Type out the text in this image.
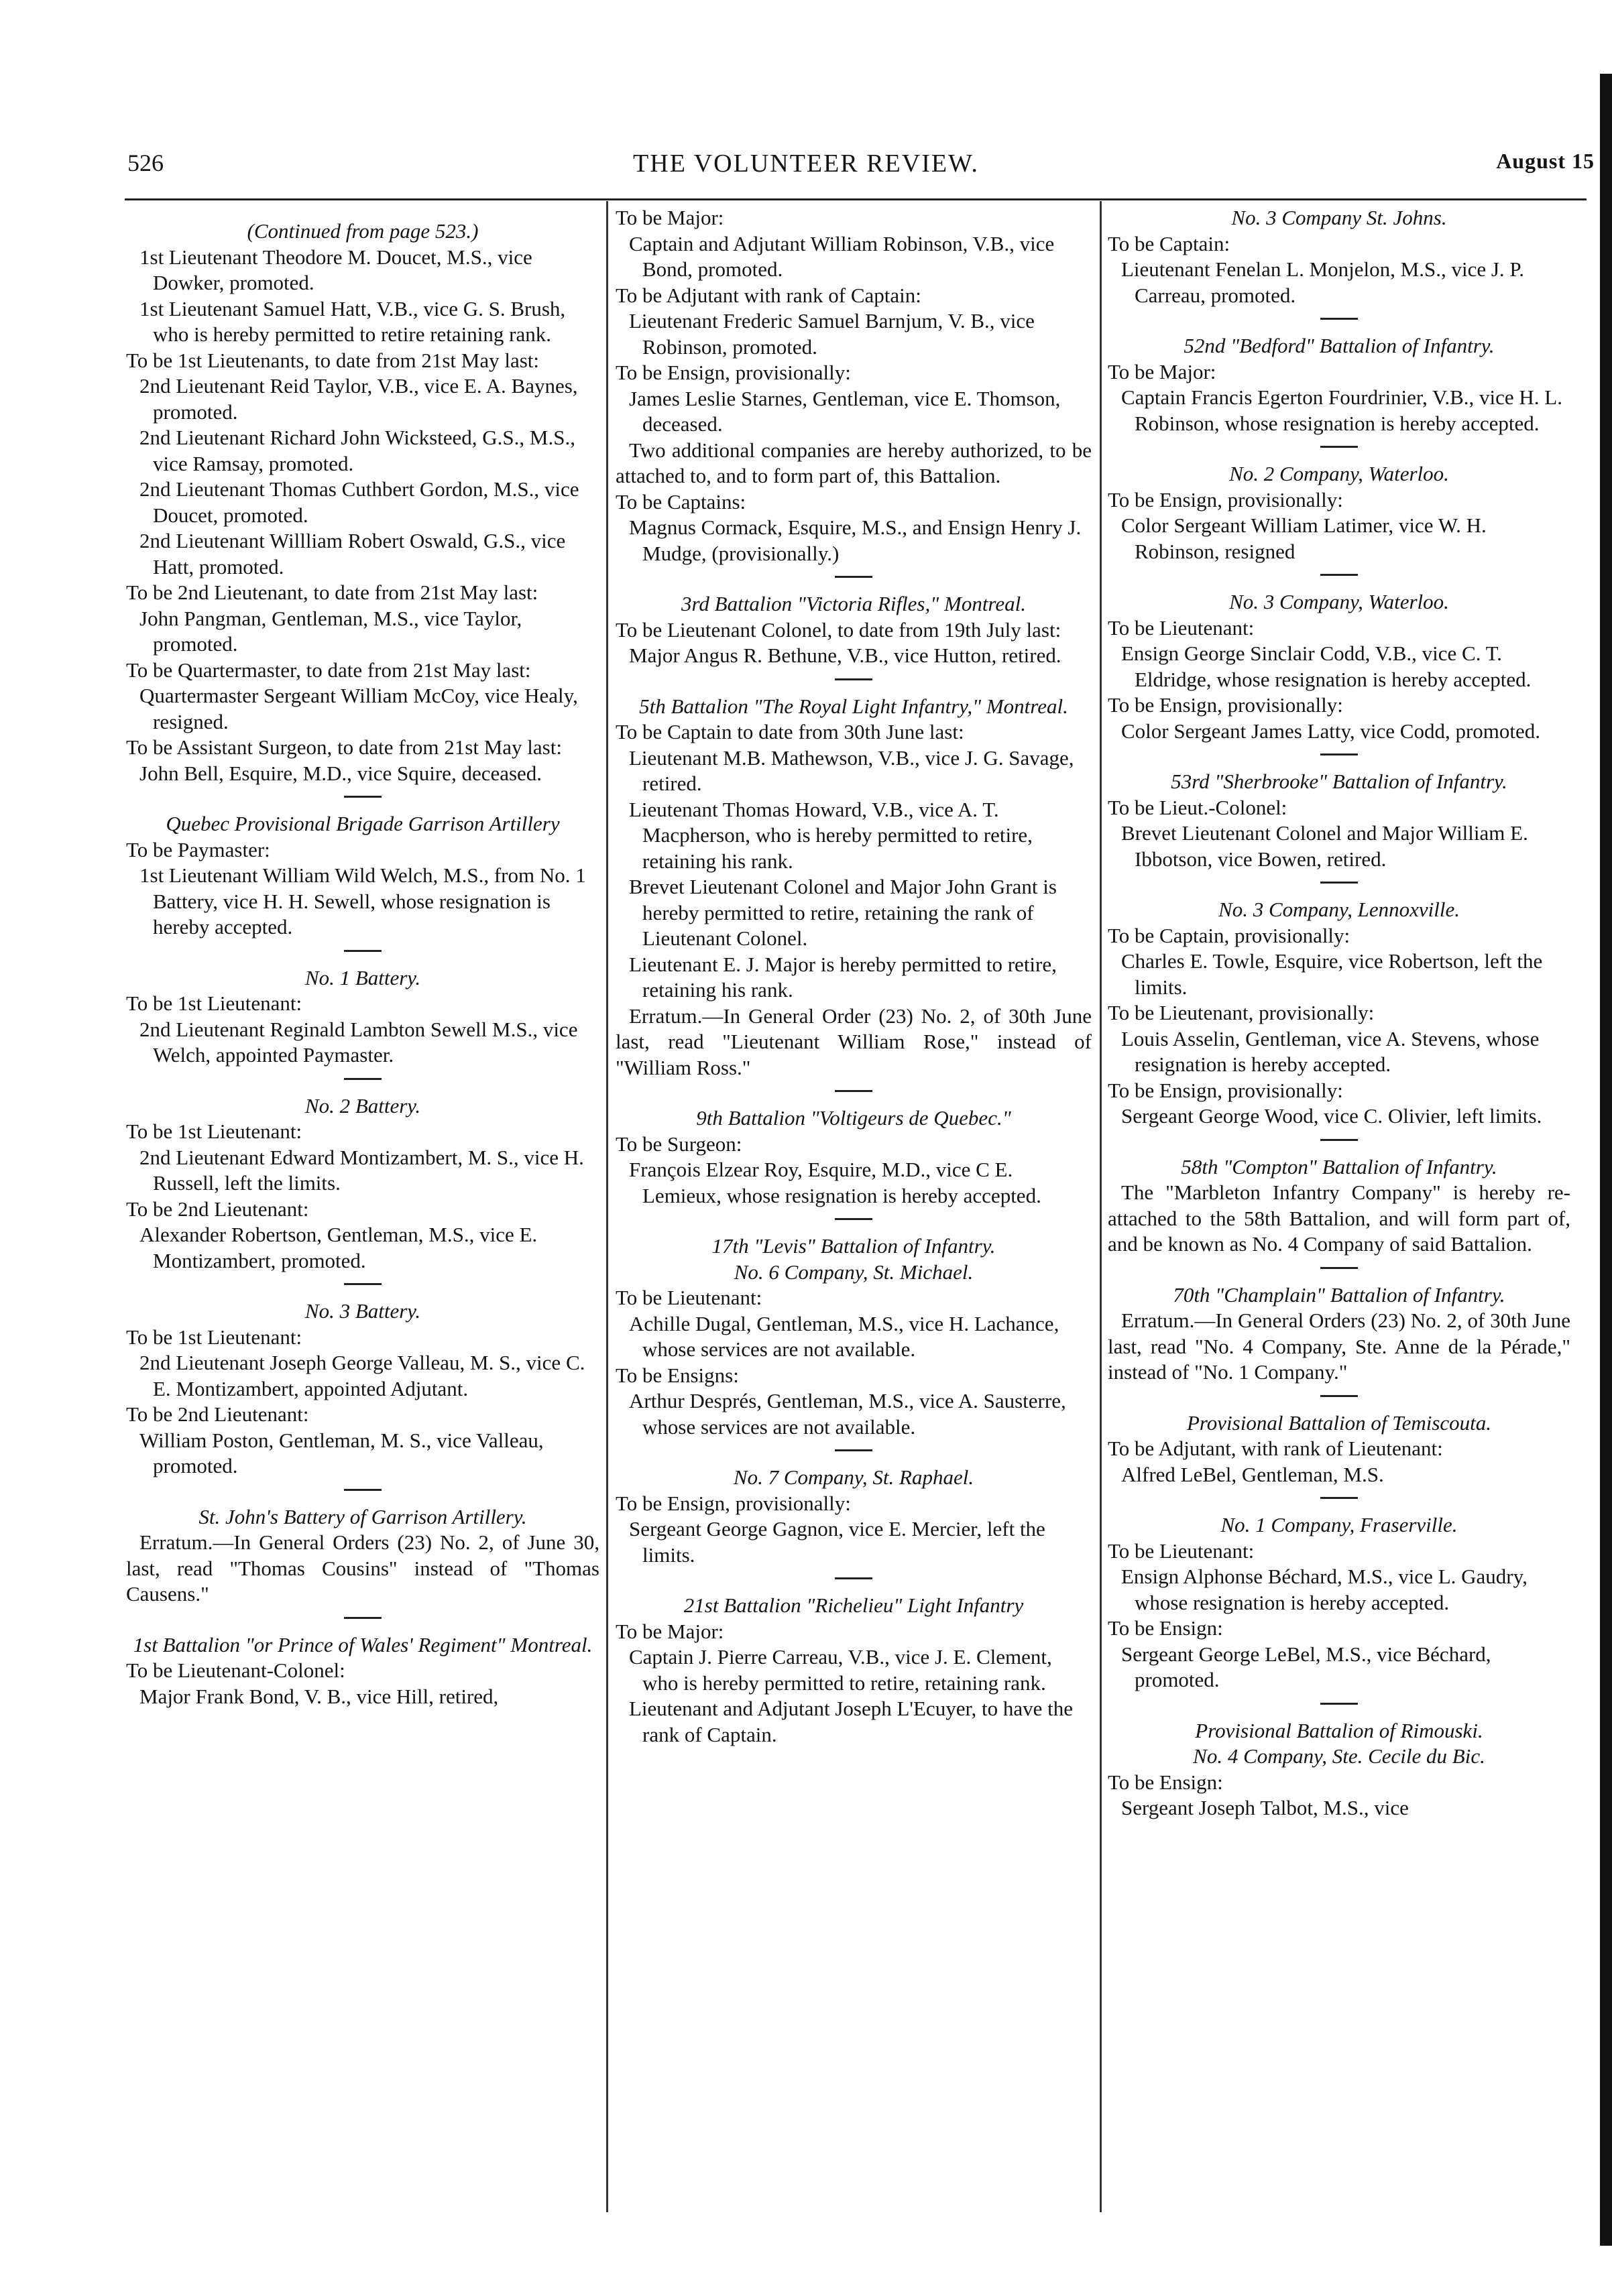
526	THE VOLUNTEER REVIEW.	August 15

(Continued from page 523.)

1st Lieutenant Theodore M. Doucet, M.S., vice Dowker, promoted.

1st Lieutenant Samuel Hatt, V.B., vice G. S. Brush, who is hereby permitted to retire retaining rank.

To be 1st Lieutenants, to date from 21st May last:

2nd Lieutenant Reid Taylor, V.B., vice E. A. Baynes, promoted.

2nd Lieutenant Richard John Wicksteed, G.S., M.S., vice Ramsay, promoted.

2nd Lieutenant Thomas Cuthbert Gordon, M.S., vice Doucet, promoted.

2nd Lieutenant Willliam Robert Oswald, G.S., vice Hatt, promoted.

To be 2nd Lieutenant, to date from 21st May last:

John Pangman, Gentleman, M.S., vice Taylor, promoted.

To be Quartermaster, to date from 21st May last:

Quartermaster Sergeant William McCoy, vice Healy, resigned.

To be Assistant Surgeon, to date from 21st May last:

John Bell, Esquire, M.D., vice Squire, deceased.

Quebec Provisional Brigade Garrison Artillery

To be Paymaster:

1st Lieutenant William Wild Welch, M.S., from No. 1 Battery, vice H. H. Sewell, whose resignation is hereby accepted.

No. 1 Battery.

To be 1st Lieutenant:

2nd Lieutenant Reginald Lambton Sewell M.S., vice Welch, appointed Paymaster.

No. 2 Battery.

To be 1st Lieutenant:

2nd Lieutenant Edward Montizambert, M. S., vice H. Russell, left the limits.

To be 2nd Lieutenant:

Alexander Robertson, Gentleman, M.S., vice E. Montizambert, promoted.

No. 3 Battery.

To be 1st Lieutenant:

2nd Lieutenant Joseph George Valleau, M. S., vice C. E. Montizambert, appointed Adjutant.

To be 2nd Lieutenant:

William Poston, Gentleman, M. S., vice Valleau, promoted.

St. John's Battery of Garrison Artillery.

Erratum.—In General Orders (23) No. 2, of June 30, last, read "Thomas Cousins" instead of "Thomas Causens."

1st Battalion "or Prince of Wales' Regiment" Montreal.

To be Lieutenant-Colonel:

Major Frank Bond, V. B., vice Hill, retired,

To be Major:

Captain and Adjutant William Robinson, V.B., vice Bond, promoted.

To be Adjutant with rank of Captain:

Lieutenant Frederic Samuel Barnjum, V. B., vice Robinson, promoted.

To be Ensign, provisionally:

James Leslie Starnes, Gentleman, vice E. Thomson, deceased.

Two additional companies are hereby authorized, to be attached to, and to form part of, this Battalion.

To be Captains:

Magnus Cormack, Esquire, M.S., and Ensign Henry J. Mudge, (provisionally.)

3rd Battalion "Victoria Rifles," Montreal.

To be Lieutenant Colonel, to date from 19th July last:

Major Angus R. Bethune, V.B., vice Hutton, retired.

5th Battalion "The Royal Light Infantry," Montreal.

To be Captain to date from 30th June last:

Lieutenant M.B. Mathewson, V.B., vice J. G. Savage, retired.

Lieutenant Thomas Howard, V.B., vice A. T. Macpherson, who is hereby permitted to retire, retaining his rank.

Brevet Lieutenant Colonel and Major John Grant is hereby permitted to retire, retaining the rank of Lieutenant Colonel.

Lieutenant E. J. Major is hereby permitted to retire, retaining his rank.

Erratum.—In General Order (23) No. 2, of 30th June last, read "Lieutenant William Rose," instead of "William Ross."

9th Battalion "Voltigeurs de Quebec."

To be Surgeon:

François Elzear Roy, Esquire, M.D., vice C E. Lemieux, whose resignation is hereby accepted.

17th "Levis" Battalion of Infantry.

No. 6 Company, St. Michael.

To be Lieutenant:

Achille Dugal, Gentleman, M.S., vice H. Lachance, whose services are not available.

To be Ensigns:

Arthur Després, Gentleman, M.S., vice A. Sausterre, whose services are not available.

No. 7 Company, St. Raphael.

To be Ensign, provisionally:

Sergeant George Gagnon, vice E. Mercier, left the limits.

21st Battalion "Richelieu" Light Infantry

To be Major:

Captain J. Pierre Carreau, V.B., vice J. E. Clement, who is hereby permitted to retire, retaining rank.

Lieutenant and Adjutant Joseph L'Ecuyer, to have the rank of Captain.

No. 3 Company St. Johns.

To be Captain:

Lieutenant Fenelan L. Monjelon, M.S., vice J. P. Carreau, promoted.

52nd "Bedford" Battalion of Infantry.

To be Major:

Captain Francis Egerton Fourdrinier, V.B., vice H. L. Robinson, whose resignation is hereby accepted.

No. 2 Company, Waterloo.

To be Ensign, provisionally:

Color Sergeant William Latimer, vice W. H. Robinson, resigned

No. 3 Company, Waterloo.

To be Lieutenant:

Ensign George Sinclair Codd, V.B., vice C. T. Eldridge, whose resignation is hereby accepted.

To be Ensign, provisionally:

Color Sergeant James Latty, vice Codd, promoted.

53rd "Sherbrooke" Battalion of Infantry.

To be Lieut.-Colonel:

Brevet Lieutenant Colonel and Major William E. Ibbotson, vice Bowen, retired.

No. 3 Company, Lennoxville.

To be Captain, provisionally:

Charles E. Towle, Esquire, vice Robertson, left the limits.

To be Lieutenant, provisionally:

Louis Asselin, Gentleman, vice A. Stevens, whose resignation is hereby accepted.

To be Ensign, provisionally:

Sergeant George Wood, vice C. Olivier, left limits.

58th "Compton" Battalion of Infantry.

The "Marbleton Infantry Company" is hereby re-attached to the 58th Battalion, and will form part of, and be known as No. 4 Company of said Battalion.

70th "Champlain" Battalion of Infantry.

Erratum.—In General Orders (23) No. 2, of 30th June last, read "No. 4 Company, Ste. Anne de la Pérade," instead of "No. 1 Company."

Provisional Battalion of Temiscouta.

To be Adjutant, with rank of Lieutenant:

Alfred LeBel, Gentleman, M.S.

No. 1 Company, Fraserville.

To be Lieutenant:

Ensign Alphonse Béchard, M.S., vice L. Gaudry, whose resignation is hereby accepted.

To be Ensign:

Sergeant George LeBel, M.S., vice Béchard, promoted.

Provisional Battalion of Rimouski.

No. 4 Company, Ste. Cecile du Bic.

To be Ensign:

Sergeant Joseph Talbot, M.S., vice
